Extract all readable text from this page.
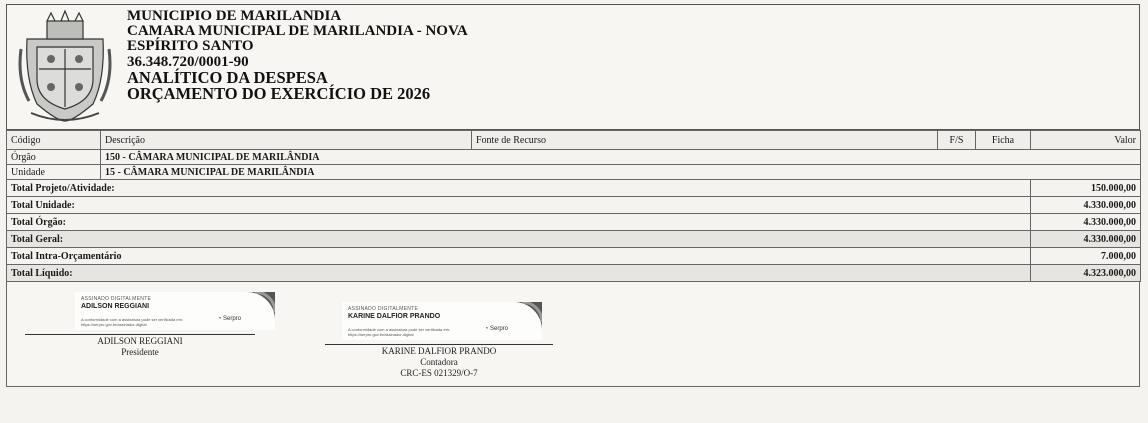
MUNICIPIO DE MARILANDIA
CAMARA MUNICIPAL DE MARILANDIA - NOVA
ESPÍRITO SANTO
36.348.720/0001-90
ANALÍTICO DA DESPESA
ORÇAMENTO DO EXERCÍCIO DE 2026
Código	Descrição	Fonte de Recurso	F/S	Ficha	Valor
Órgão	150 - CÂMARA MUNICIPAL DE MARILÂNDIA				
Unidade	15 - CÂMARA MUNICIPAL DE MARILÂNDIA				
Total Projeto/Atividade:					150.000,00
Total Unidade:					4.330.000,00
Total Órgão:					4.330.000,00
Total Geral:					4.330.000,00
Total Intra-Orçamentário					7.000,00
Total Líquido:					4.323.000,00
ASSINADO DIGITALMENTE
ADILSON REGGIANI
A conformidade com a assinatura pode ser verificada em:
https://serpro.gov.br/assinador-digital
◔ Serpro
ADILSON REGGIANI
Presidente
ASSINADO DIGITALMENTE
KARINE DALFIOR PRANDO
A conformidade com a assinatura pode ser verificada em:
https://serpro.gov.br/assinador-digital
◔ Serpro
KARINE DALFIOR PRANDO
Contadora
CRC-ES 021329/O-7
